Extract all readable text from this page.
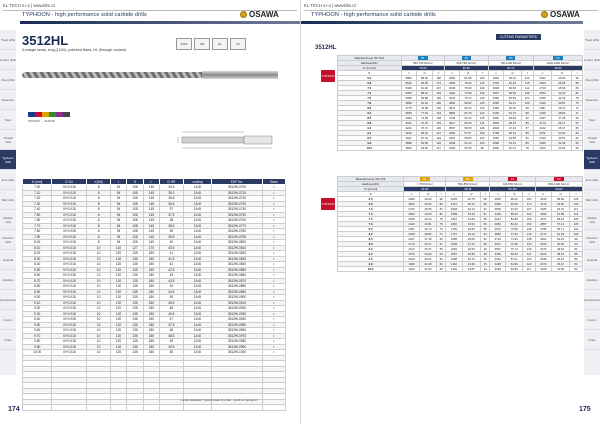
KL-TECH s.r.o | www.klte.cz
TYPHOON - high performance solid carbide drills	OSAWA
Twist drills
Center drills
Step drills
Reamers
Taps
Thread mills
Typhoon drills
End mills
Ball mills
Radius mills
Chamfer mills
Special
Holders
Accessories
Inserts
Index
3512HL
4-margin lands, long (12xD), polished flutes, HL (through coolant)
12xD	4M	HL	h6
POCKET ... SHANK
D [mm]	D Tol.	d [h6]	l	l1	L	l2 HR	cooling	EDP No.	Stock
7.00	0/+0.018	8	94	108	145	34.6	12xD	3512HL0700	•
7.10	0/+0.018	8	94	108	145	35.0	12xD	3512HL0710	•
7.20	0/+0.018	8	94	108	145	35.8	12xD	3512HL0720	•
7.30	0/+0.018	8	94	108	145	36.5	12xD	3512HL0730	•
7.40	0/+0.018	8	94	108	145	37	12xD	3512HL0740	•
7.50	0/+0.018	8	94	108	145	37.5	12xD	3512HL0750	•
7.60	0/+0.018	8	94	108	145	38	12xD	3512HL0760	•
7.70	0/+0.018	8	94	108	145	38.5	12xD	3512HL0770	•
7.80	0/+0.018	8	94	108	145	39	12xD	3512HL0780	•
7.90	0/+0.018	8	94	108	145	39.5	12xD	3512HL0790	•
8.00	0/+0.018	8	94	108	145	40	12xD	3512HL0800	•
8.10	0/+0.018	10	115	127	170	40.5	12xD	3512HL0810	•
8.20	0/+0.018	10	120	135	180	41	12xD	3512HL0820	•
8.30	0/+0.018	10	120	135	180	41.5	12xD	3512HL0830	•
8.40	0/+0.018	10	120	135	180	42	12xD	3512HL0840	•
8.50	0/+0.018	10	120	135	180	42.5	12xD	3512HL0850	•
8.60	0/+0.018	10	120	135	180	43	12xD	3512HL0860	•
8.70	0/+0.018	10	120	135	180	43.5	12xD	3512HL0870	•
8.80	0/+0.018	10	120	135	180	44	12xD	3512HL0880	•
8.90	0/+0.018	10	120	135	180	44.5	12xD	3512HL0890	•
9.00	0/+0.018	10	120	135	180	45	12xD	3512HL0900	•
9.10	0/+0.018	10	120	135	180	45.5	12xD	3512HL0910	•
9.20	0/+0.018	10	120	135	180	46	12xD	3512HL0920	•
9.30	0/+0.018	10	120	135	180	46.5	12xD	3512HL0930	•
9.40	0/+0.018	10	120	135	180	47	12xD	3512HL0940	•
9.50	0/+0.018	10	120	135	180	47.5	12xD	3512HL0950	•
9.60	0/+0.018	10	120	135	180	48	12xD	3512HL0960	•
9.70	0/+0.018	10	120	135	180	48.5	12xD	3512HL0970	•
9.80	0/+0.018	10	120	135	180	49	12xD	3512HL0980	•
9.90	0/+0.018	10	120	135	180	49.5	12xD	3512HL0990	•
10.00	0/+0.018	10	120	135	180	50	12xD	3512HL1000	•

• stock standard † stock made to order ∙ stock on demand
174
KL-TECH s.r.o | www.klte.cz
TYPHOON - high performance solid carbide drills	OSAWA
CUTTING PARAMETERS
3512HL
TYPHOON
Material Group ISO 513	P1			P2			P3			P4		
Hardness/Rm	550-750 N/mm²			600-750 N/mm²			750-1100 N/mm²			1000-1400 N/mm²		
Vc [m/min]	70-90			60-80			50-70			40-60		
D	n	vf	f	n	vf	f	n	vf	f	n	vf	f
6.5	5880	98.00	180	4900	81.68	150	3920	65.34	120	2940	49.00	90
6.8	5620	93.65	172	4680	78.00	143	3745	62.43	115	2810	46.83	86
7.0	5460	91.00	167	4548	75.83	139	3638	60.66	112	2730	45.50	84
7.2	5305	88.42	163	4420	73.68	135	3537	58.95	108	2652	44.20	81
7.5	5095	84.88	156	4244	70.73	130	3396	56.59	104	2546	42.44	78
7.8	4898	81.62	150	4081	68.02	125	3265	54.41	100	2449	40.81	75
8.0	4775	79.58	146	3979	66.32	122	3183	53.05	98	2387	39.79	73
8.2	4659	77.64	143	3882	64.70	119	3106	51.76	95	2329	38.82	71
8.5	4494	74.90	138	3745	62.42	115	2996	49.93	92	2247	37.45	69
8.8	4341	72.35	133	3617	60.29	111	2894	48.23	89	2170	36.17	67
9.0	4244	70.74	130	3537	58.95	108	2829	47.16	87	2122	35.37	65
9.2	4152	69.20	127	3460	57.67	106	2768	46.13	85	2076	34.60	64
9.5	4021	67.01	123	3351	55.85	103	2681	44.68	82	2010	33.51	62
9.8	3898	64.96	120	3248	54.13	100	2598	43.31	80	1949	32.48	60
10.0	3820	63.66	117	3183	53.05	98	2546	42.44	78	1910	31.83	59
TYPHOON
Material Group ISO 513	M1			M2			K1			K2		
Hardness/Rm	< 750 N/mm²			500-850 N/mm²			400-550 N/mm²			800-1100 N/mm²		
Vc [m/min]	40-60			30-40			90-110			60-80		
D	n	vf	f	n	vf	f	n	vf	f	n	vf	f
6.5	2940	49.00	90	2205	36.75	68	4900	98.00	180	3430	68.60	126
6.8	2810	46.83	86	2107	35.12	65	4680	93.65	172	3278	65.56	120
7.0	2730	45.50	84	2048	34.13	63	4548	91.00	167	3185	63.70	117
7.2	2652	44.20	81	1989	33.15	61	4420	88.42	163	3094	61.89	114
7.5	2546	42.44	78	1910	31.83	59	4244	84.88	156	2971	59.42	109
7.8	2449	40.81	75	1836	30.60	56	4081	81.62	150	2857	57.14	105
8.0	2387	39.79	73	1790	29.84	55	3979	79.58	146	2785	55.71	102
8.2	2329	38.82	71	1747	29.12	54	3882	77.64	143	2717	54.35	100
8.5	2247	37.45	69	1685	28.09	52	3745	74.90	138	2622	52.43	96
8.8	2170	36.17	67	1628	27.13	50	3617	72.35	133	2532	50.65	93
9.0	2122	35.37	65	1592	26.53	49	3537	70.74	130	2476	49.52	91
9.2	2076	34.60	64	1557	25.95	48	3460	69.20	127	2422	48.44	89
9.5	2010	33.51	62	1508	25.13	46	3351	67.01	123	2346	46.91	86
9.8	1949	32.48	60	1462	24.36	45	3248	64.96	120	2274	45.47	84
10.0	1910	31.83	59	1432	23.87	44	3183	63.66	117	2228	44.56	82
Twist drills
Center drills
Step drills
Reamers
Taps
Thread mills
Typhoon drills
End mills
Ball mills
Radius mills
Chamfer mills
Special
Holders
Accessories
Inserts
Index
175
